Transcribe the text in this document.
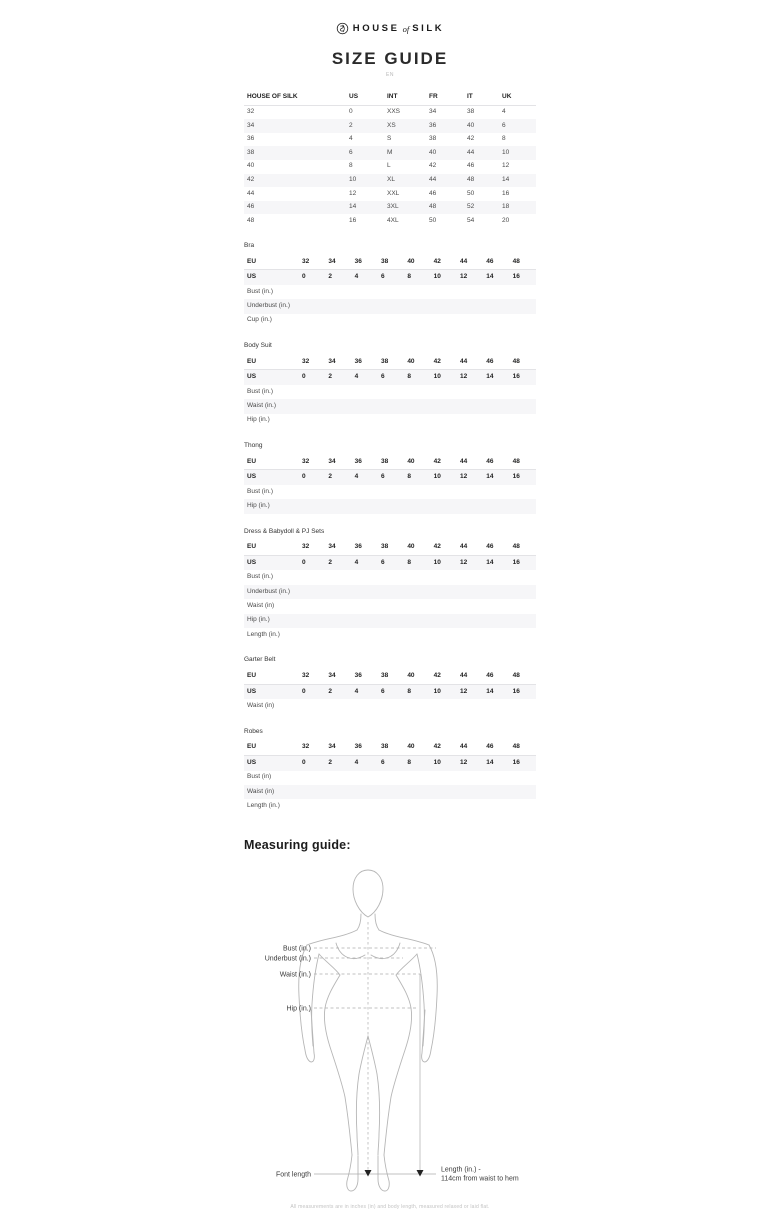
HOUSE of SILK
SIZE GUIDE
EN
HOUSE OF SILK	US	INT	FR	IT	UK
32	0	XXS	34	38	4
34	2	XS	36	40	6
36	4	S	38	42	8
38	6	M	40	44	10
40	8	L	42	46	12
42	10	XL	44	48	14
44	12	XXL	46	50	16
46	14	3XL	48	52	18
48	16	4XL	50	54	20
Bra
EU	32	34	36	38	40	42	44	46	48
US	0	2	4	6	8	10	12	14	16
Bust (in.)									
Underbust (in.)									
Cup (in.)									
Body Suit
EU	32	34	36	38	40	42	44	46	48
US	0	2	4	6	8	10	12	14	16
Bust (in.)									
Waist (in.)									
Hip (in.)									
Thong
EU	32	34	36	38	40	42	44	46	48
US	0	2	4	6	8	10	12	14	16
Bust (in.)									
Hip (in.)									
Dress & Babydoll & PJ Sets
EU	32	34	36	38	40	42	44	46	48
US	0	2	4	6	8	10	12	14	16
Bust (in.)									
Underbust (in.)									
Waist (in)									
Hip (in.)									
Length (in.)									
Garter Belt
EU	32	34	36	38	40	42	44	46	48
US	0	2	4	6	8	10	12	14	16
Waist (in)									
Robes
EU	32	34	36	38	40	42	44	46	48
US	0	2	4	6	8	10	12	14	16
Bust (in)									
Waist (in)									
Length (in.)									
Measuring guide:
Bust (in.)
Underbust (in.)
Waist (in.)
Hip (in.)
Font length
Length (in.) -
114cm from waist to hem
All measurements are in inches (in) and body length, measured relaxed or laid flat.
